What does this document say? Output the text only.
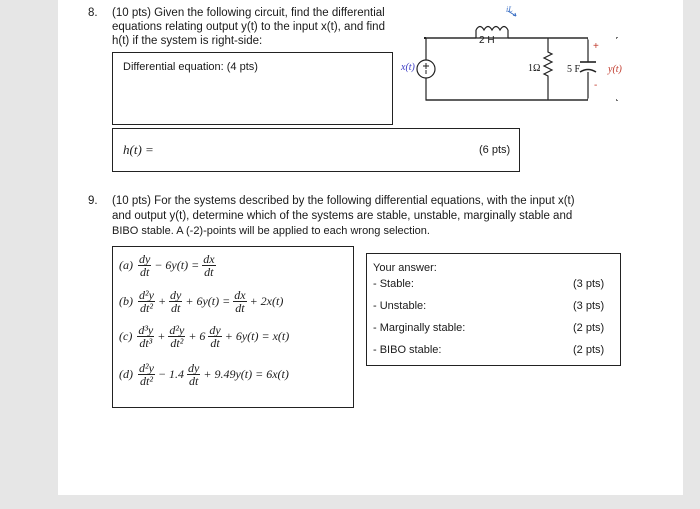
8. (10 pts) Given the following circuit, find the differential
equations relating output y(t) to the input x(t), and find
h(t) if the system is right-side:
Differential equation: (4 pts)
h(t) =	(6 pts)
iL
2 H
1Ω	5 F	y(t)
+
-
x(t)
9. (10 pts) For the systems described by the following differential equations, with the input x(t)
and output y(t), determine which of the systems are stable, unstable, marginally stable and
BIBO stable. A (-2)-points will be applied to each wrong selection.
$(a) \frac{dy}{dt} - 6y(t) = \frac{dx}{dt}$
$(b) \frac{\text{d²y}}{\text{dt²}} + \frac{dy}{dt} + 6y(t) = \frac{dx}{dt} + 2x(t)$
$(c) \frac{\text{d³y}}{\text{dt³}} + \frac{\text{d²y}}{\text{dt²}} + 6 \frac{dy}{dt} + 6y(t) = x(t)$
$(d) \frac{\text{d²y}}{\text{dt²}} - 1.4 \frac{dy}{dt} + 9.49y(t) = 6x(t)$
Your answer:
- Stable:	(3 pts)
- Unstable:	(3 pts)
- Marginally stable:	(2 pts)
- BIBO stable:	(2 pts)
